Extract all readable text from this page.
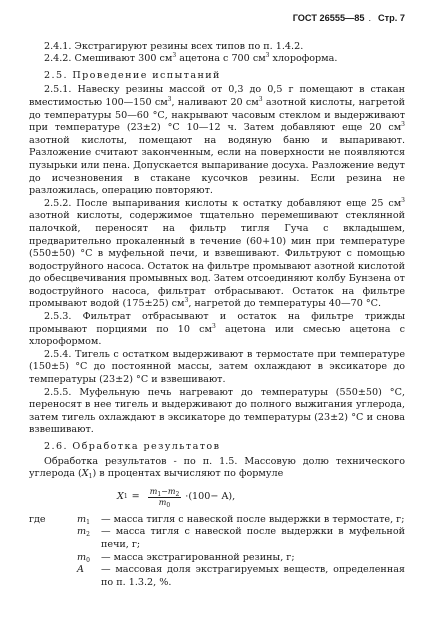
ГОСТ 26555—85 . Стр. 7

2.4.1. Экстрагируют резины всех типов по п. 1.4.2.

2.4.2. Смешивают 300 $см^3$ ацетона с 700 $см^3$ хлороформа.

2.5. Проведение испытаний

2.5.1. Навеску резины массой от 0,3 до 0,5 г помещают в стакан вместимостью 100—150 $см^3$, наливают 20 $см^3$ азотной кислоты, нагретой до температуры 50—60 °С, накрывают часовым стеклом и выдерживают при температуре (23±2) °С 10—12 ч. Затем добавляют еще 20 $см^3$ азотной кислоты, помещают на водяную баню и выпаривают. Разложение считают законченным, если на поверхности не появляются пузырьки или пена. Допускается выпаривание досуха. Разложение ведут до исчезновения в стакане кусочков резины. Если резина не разложилась, операцию повторяют.

2.5.2. После выпаривания кислоты к остатку добавляют еще 25 $см^3$ азотной кислоты, содержимое тщательно перемешивают стеклянной палочкой, переносят на фильтр тигля Гуча с вкладышем, предварительно прокаленный в течение (60+10) мин при температуре (550±50) °С в муфельной печи, и взвешивают. Фильтруют с помощью водоструйного насоса. Остаток на фильтре промывают азотной кислотой до обесцвечивания промывных вод. Затем отсоединяют колбу Бунзена от водоструйного насоса, фильтрат отбрасывают. Остаток на фильтре промывают водой (175±25) $см^3$, нагретой до температуры 40—70 °С.

2.5.3. Фильтрат отбрасывают и остаток на фильтре трижды промывают порциями по 10 $см^3$ ацетона или смесью ацетона с хлороформом.

2.5.4. Тигель с остатком выдерживают в термостате при температуре (150±5) °С до постоянной массы, затем охлаждают в эксикаторе до температуры (23±2) °С и взвешивают.

2.5.5. Муфельную печь нагревают до температуры (550±50) °С, переносят в нее тигель и выдерживают до полного выжигания углерода, затем тигель охлаждают в эксикаторе до температуры (23±2) °С и снова взвешивают.

2.6. Обработка результатов

Обработка результатов - по п. 1.5. Массовую долю технического углерода $(X_1)$ в процентах вычисляют по формуле

X $1 = \frac{m_1-m_2}{m_0} \cdot(100- A)$,
где	$m_1$	— масса тигля с навеской после выдержки в термостате, г;
$m_2$	— масса тигля с навеской после выдержки в муфельной печи, г;
$m_0$	— масса экстрагированной резины, г;
A	— массовая доля экстрагируемых веществ, определенная по п. 1.3.2, %.
